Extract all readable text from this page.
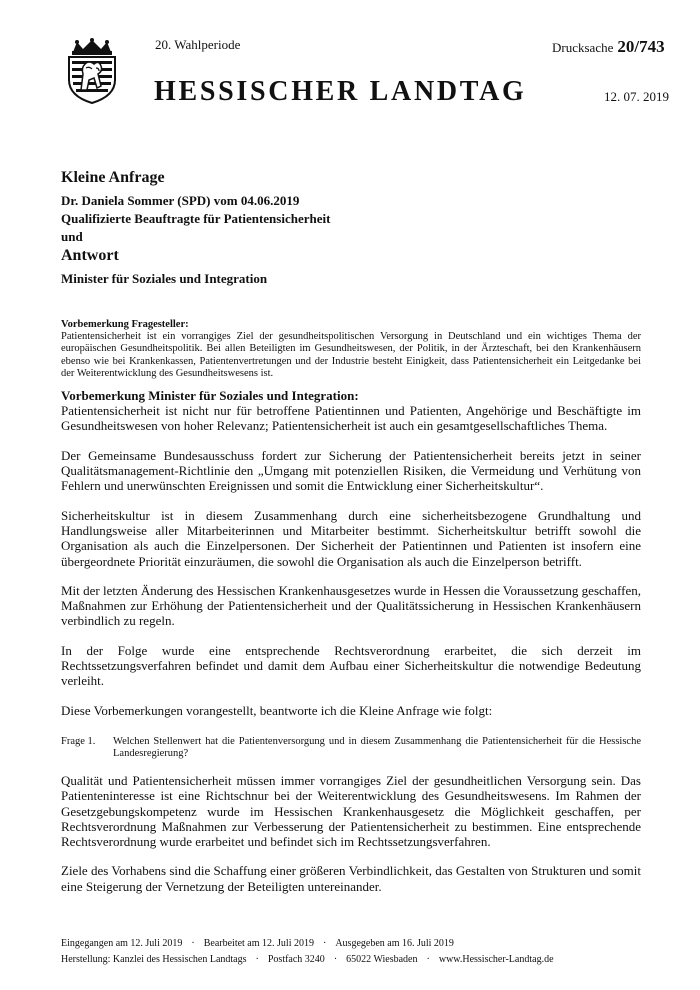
20. Wahlperiode	Drucksache 20/743
HESSISCHER LANDTAG	12. 07. 2019
Kleine Anfrage
Dr. Daniela Sommer (SPD) vom 04.06.2019
Qualifizierte Beauftragte für Patientensicherheit
und
Antwort
Minister für Soziales und Integration
Vorbemerkung Fragesteller:

Patientensicherheit ist ein vorrangiges Ziel der gesundheitspolitischen Versorgung in Deutschland und ein wichtiges Thema der europäischen Gesundheitspolitik. Bei allen Beteiligten im Gesundheitswesen, der Politik, in der Ärzteschaft, bei den Krankenhäusern ebenso wie bei Krankenkassen, Patientenvertretungen und der Industrie besteht Einigkeit, dass Patientensicherheit ein Leitgedanke bei der Weiterentwicklung des Gesundheitswesens ist.

Vorbemerkung Minister für Soziales und Integration:

Patientensicherheit ist nicht nur für betroffene Patientinnen und Patienten, Angehörige und Beschäftigte im Gesundheitswesen von hoher Relevanz; Patientensicherheit ist auch ein gesamtgesellschaftliches Thema.

Der Gemeinsame Bundesausschuss fordert zur Sicherung der Patientensicherheit bereits jetzt in seiner Qualitätsmanagement-Richtlinie den „Umgang mit potenziellen Risiken, die Vermeidung und Verhütung von Fehlern und unerwünschten Ereignissen und somit die Entwicklung einer Sicherheitskultur“.

Sicherheitskultur ist in diesem Zusammenhang durch eine sicherheitsbezogene Grundhaltung und Handlungsweise aller Mitarbeiterinnen und Mitarbeiter bestimmt. Sicherheitskultur betrifft sowohl die Organisation als auch die Einzelpersonen. Der Sicherheit der Patientinnen und Patienten ist insofern eine übergeordnete Priorität einzuräumen, die sowohl die Organisation als auch die Einzelperson betrifft.

Mit der letzten Änderung des Hessischen Krankenhausgesetzes wurde in Hessen die Voraussetzung geschaffen, Maßnahmen zur Erhöhung der Patientensicherheit und der Qualitätssicherung in Hessischen Krankenhäusern verbindlich zu regeln.

In der Folge wurde eine entsprechende Rechtsverordnung erarbeitet, die sich derzeit im Rechtssetzungsverfahren befindet und damit dem Aufbau einer Sicherheitskultur die notwendige Bedeutung verleiht.

Diese Vorbemerkungen vorangestellt, beantworte ich die Kleine Anfrage wie folgt:

Frage 1.	Welchen Stellenwert hat die Patientenversorgung und in diesem Zusammenhang die Patientensicherheit für die Hessische Landesregierung?

Qualität und Patientensicherheit müssen immer vorrangiges Ziel der gesundheitlichen Versorgung sein. Das Patienteninteresse ist eine Richtschnur bei der Weiterentwicklung des Gesundheitswesens. Im Rahmen der Gesetzgebungskompetenz wurde im Hessischen Krankenhausgesetz die Möglichkeit geschaffen, per Rechtsverordnung Maßnahmen zur Verbesserung der Patientensicherheit zu bestimmen. Eine entsprechende Rechtsverordnung wurde erarbeitet und befindet sich im Rechtssetzungsverfahren.

Ziele des Vorhabens sind die Schaffung einer größeren Verbindlichkeit, das Gestalten von Strukturen und somit eine Steigerung der Vernetzung der Beteiligten untereinander.

Eingegangen am 12. Juli 2019 · Bearbeitet am 12. Juli 2019 · Ausgegeben am 16. Juli 2019
Herstellung: Kanzlei des Hessischen Landtags · Postfach 3240 · 65022 Wiesbaden · www.Hessischer-Landtag.de
